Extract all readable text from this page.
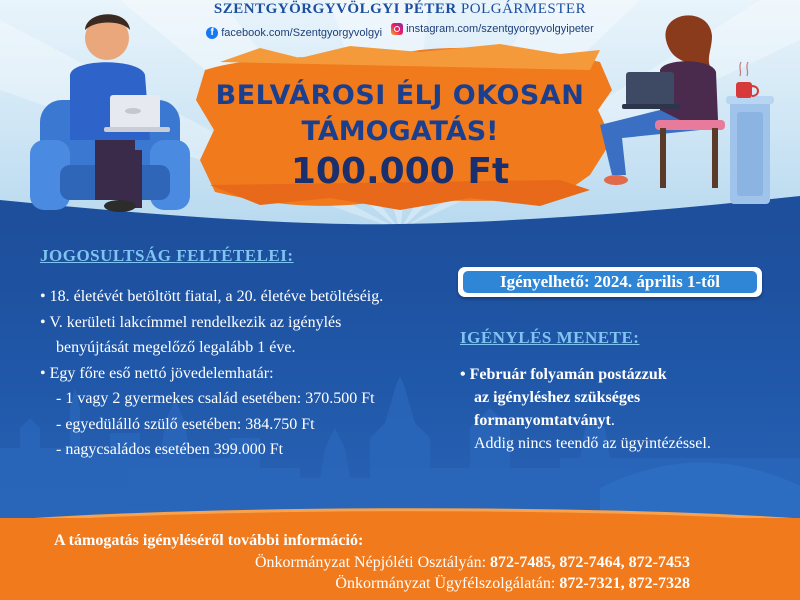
SZENTGYÖRGYVÖLGYI PÉTER POLGÁRMESTER
f facebook.com/Szentgyorgyvolgyi
instagram.com/szentgyorgyvolgyipeter
BELVÁROSI ÉLJ OKOSAN
TÁMOGATÁS!
100.000 Ft
JOGOSULTSÁG FELTÉTELEI:
• 18. életévét betöltött fiatal, a 20. életéve betöltéséig.
• V. kerületi lakcímmel rendelkezik az igénylés
benyújtását megelőző legalább 1 éve.
• Egy főre eső nettó jövedelemhatár:
- 1 vagy 2 gyermekes család esetében: 370.500 Ft
- egyedülálló szülő esetében: 384.750 Ft
- nagycsaládos esetében 399.000 Ft
Igényelhető: 2024. április 1-től
IGÉNYLÉS MENETE:
• Február folyamán postázzuk
az igényléshez szükséges
formanyomtatványt.
Addig nincs teendő az ügyintézéssel.
A támogatás igényléséről további információ:
Önkormányzat Népjóléti Osztályán: 872-7485, 872-7464, 872-7453
Önkormányzat Ügyfélszolgálatán: 872-7321, 872-7328
